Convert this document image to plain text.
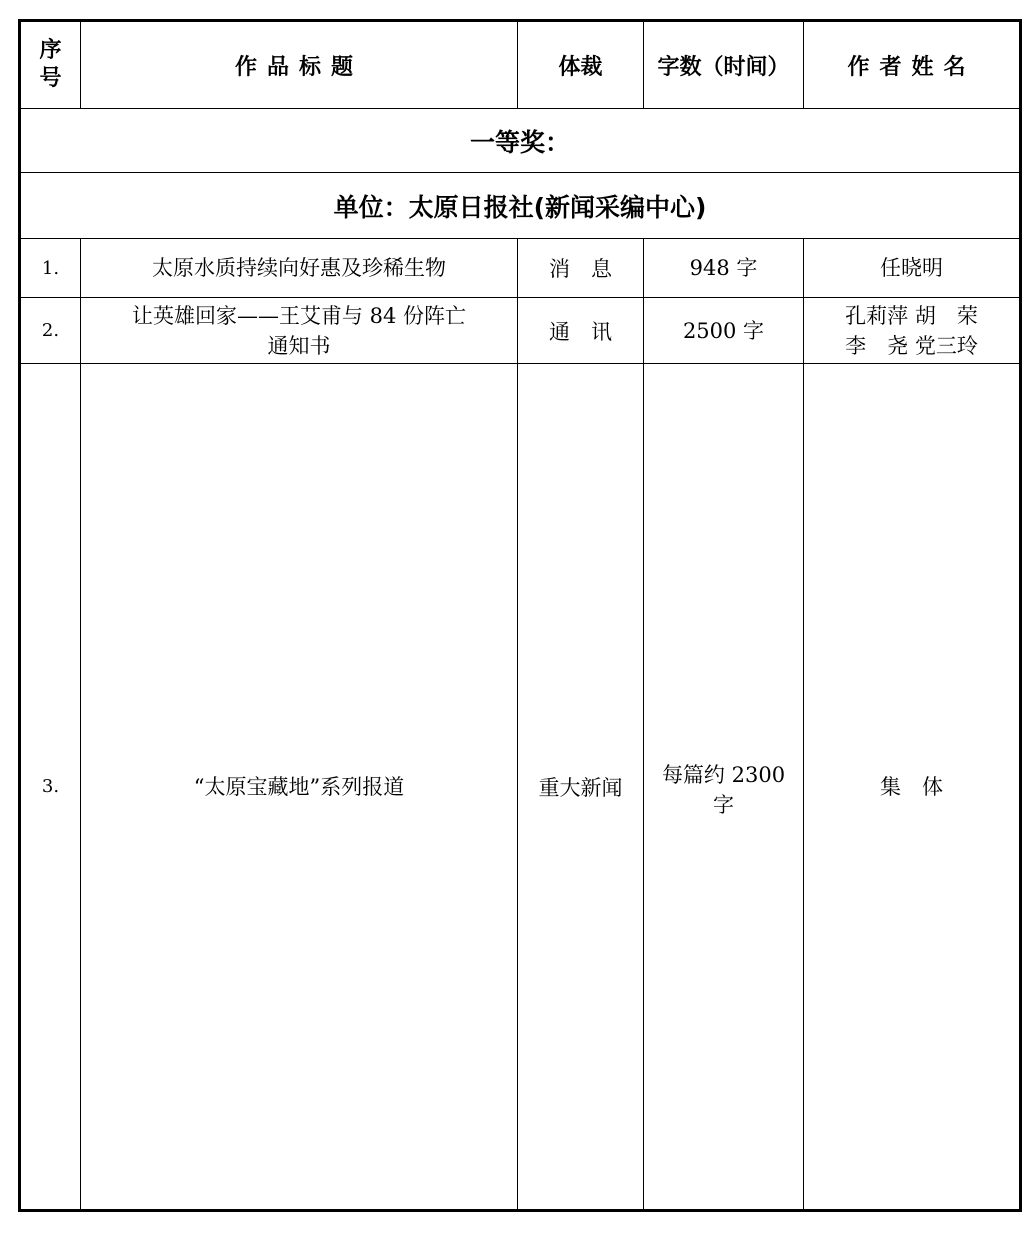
序
号	作品标题	体裁	字数（时间）	作者姓名
一等奖：				
单位：太原日报社(新闻采编中心)				
1.	太原水质持续向好惠及珍稀生物	消　息	948 字	任晓明

2.	让英雄回家——王艾甫与 84 份阵亡
通知书	通　讯	2500 字	孔莉萍 胡　荣
李　尧 党三玲

3.	“太原宝藏地”系列报道	重大新闻	每篇约 2300
字	集　体
